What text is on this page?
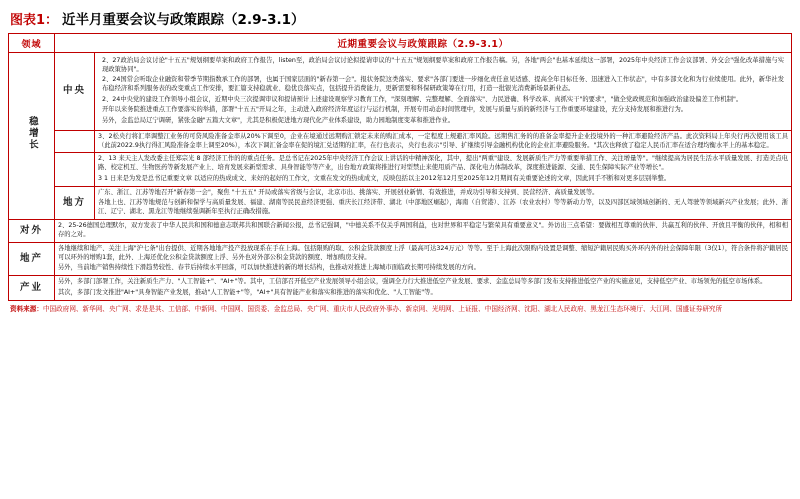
图表1： 近半月重要会议与政策跟踪（2.9-3.1）
领域	近期重要会议与政策跟踪（2.9-3.1）	
稳增长	中央	2、27政治局会议讨论"十五五"规划纲要草案和政府工作报告，listen至，政治局会议讨论拟提请审议的"十五五"规划纲要草案和政府工作报告稿。另，各地"两会"也基本延续这一部署，2025年中央经济工作会议部署、外交会"强化改革措施与实现政策协同"。

2、24国常会听取企业融资和带季节期指数承工作的部署，也属于国家层面的"新春第一会"。报状务院这类落实、要求"各部门要进一步细化责任意见适感、提高全年目标任务、迅速进入工作状态"，中有多部文化和为行业续使用。此外，新华社发布稳经济和系列服务表的改变重点工作安排，要汇篇支持稳就业、稳优良落实点，包括提升消费能力，更新需要和科保研政策筹在行用，打造一批银光消费新场景新业态。

2、24中央党的建设工作领导小组会议，近期中央三次提调审议和提请预计上述建设观察学习教育工作，"深刻理解、完整理解、全面落实"、力民进确、科学改革、真抓实干"的要求"，"做全党政规范和加强政治建设偏差工作机制"。

开年以来务院推进重点工作要落实的举措，部署"十五五"开局之年，主动进入政府经济年度运行与运行机制，开展专用动态时间管理中，发展与质量与质的新经济与工作重要环境建设，充分支持发展和推进行为。

另外，金监总局辽宁调研，紧张金融"五篇大文章"，尤其是积极促进地方现代化产业体系建设，助力园地制度变革和推进作业。

		3、2松央行将汇率调整江业务的可贷风险准备金率从20%下调至0，企业在境通过远期购汇锁定未来的购汇成本，一定程度上规避汇率风险。远期售汇务的的准备金率提升企业投境外的一种汇率避险经济产品。此次资料局上年央行再次使用该工具（此前2022.9执行得汇风险准备金率上调至20%），本次下调汇备金率在促的境汇兑适期的汇率，在行也表示，央行也表示"引导、扩继续引导金融机构优化的企业汇率避险服务。"其次也释放了稳定人民币汇率在适合理均衡水平上的基本稳定。

		2、13 来天主人发改委主任郑宗光 8 部经济工作的的重点任务。是总书记在2025年中央经济工作会议上讲话的中精神深化，其中，提出"两重"建设、发展新质生产力等重要举措工作、关注增量等"。"继续提高为居民生活水平质量发展、打造美点电路、校定机互、生物医药等新发展产业上、培育发展来新型需求、具身智能等等产业，出台地方政策将推进行对型禁止来使用质产品、深化电力体制改革，深度推进能源、交通、民生保障实际产业等增长"。

3 1 日来是为发是总书记重要文章 以适应的热成成文、来好的起好的工作文，文重在发文的热成成文，反映包括以主2012年12月至2025年12月期间有关重要论述的文章，因此同手不断和对更多层别举整。

	地方	广东、浙江、江苏等地召开"新春第一会"，聚焦 "十五五" 开局或落实省级与会议，北京市出、挑落实、开展创业新情、有效推进，并成功引导和支持到、民营经济、高质量发展等。

各地上也、江苏等地规范与创新和保学与高质量发展、福建、湖南等民民意经济更强、重庆长江经济带、湖北（中部地区崛起），海南（自贸港）、江苏（农业农村）等等新动力等，以及四部区域领域创新的、无人驾驶等领域新兴产业发展；此外、浙江、辽宁、湖北、黑龙江等地继续强调新年至执行正确改措施。

对外	2、25-26德国总理默尔，双方发表了中华人民共和国和德意志联邦共和国联合新闻公报，总书记强调，"中德关系不仅关乎两国利益，也对世界和平稳定与繁荣具有重要意义"。外访出三点希望：要做相互尊重的伙伴、共赢互利的伙伴、开放且平衡的伙伴，相和相存的之对。	

地产	各地继续和地产、关注上海"沪七条"出台提供、近期各地地产投产投放现系在手在上海。包括限购的取、公积金贷款额度上浮（最高可达324万元）等等。至于上海此次限购内设置是调整、缩短沪籍居民购买外环内外的社会保障年限（3仅1），符合条件将沪籍居民可以环外的增购1套，此外、上海还优化公积金贷款额度上浮、另外也对外部公积金贷款的额度、增加购房支持。

另外，当前地产销售持续性下滑趋势较性、春节后持续水平回落，可以加快推进的新的增长结构，也推动对推进上海城市面临政长期可持续发展的方向。	

产业	另外，多部门部署工作，关注新质生产力、"人工智能+"、"AI+"等。其中，工信部召开低空产业发展领导小组会议，强调全力行大推进低空产业发展、要求、金监总局等多部门发布支持推进低空产业的实施意见，支持低空产业、市场领先的低空市场体系。

其次，多部门发文推进"AI+"具身智能产业发展，推动"人工智能+"等，"AI+"具有智能产业和落实和推进的落实和优化、"人工智能"等。	

资料来源：中国政府网、新华网、央广网、求是是其、工信部、中新网、中国网、国资委、金监总局、央广网、重庆市人民政府外事办、新京网、光明网、上证报、中国经济网、沈阳、湖北人民政府、黑龙江生态环境厅、大江网、国盛证券研究所
